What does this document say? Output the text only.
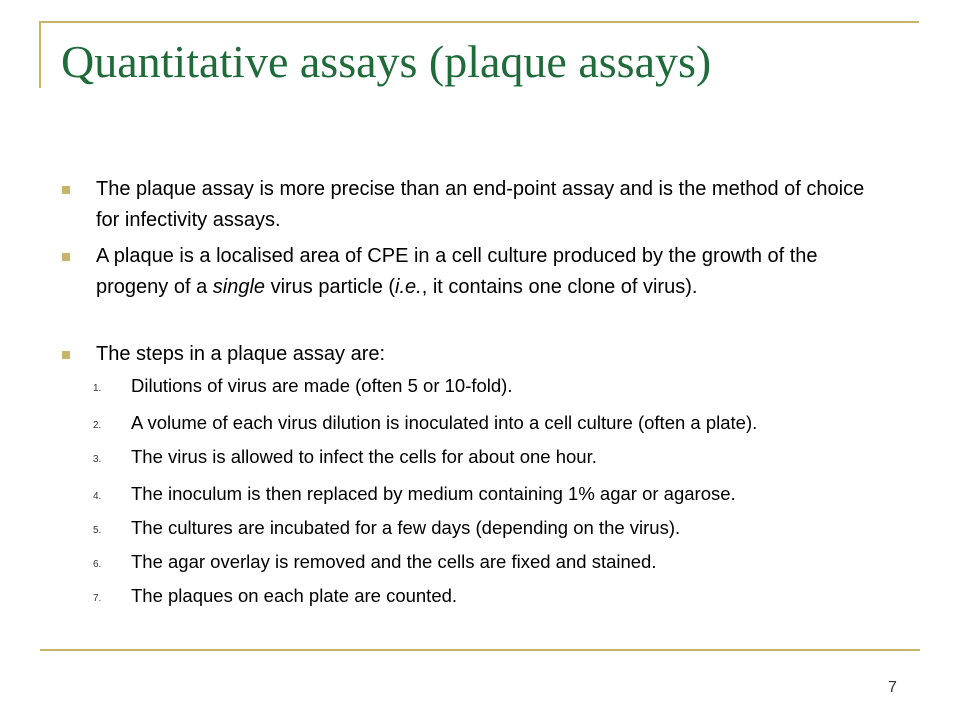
Quantitative assays (plaque assays)

The plaque assay is more precise than an end-point assay and is the method of choice for infectivity assays.

A plaque is a localised area of CPE in a cell culture produced by the growth of the progeny of a single virus particle (i.e., it contains one clone of virus).

The steps in a plaque assay are:

1. Dilutions of virus are made (often 5 or 10-fold).

2. A volume of each virus dilution is inoculated into a cell culture (often a plate).

3. The virus is allowed to infect the cells for about one hour.

4. The inoculum is then replaced by medium containing 1% agar or agarose.

5. The cultures are incubated for a few days (depending on the virus).

6. The agar overlay is removed and the cells are fixed and stained.

7. The plaques on each plate are counted.

7
